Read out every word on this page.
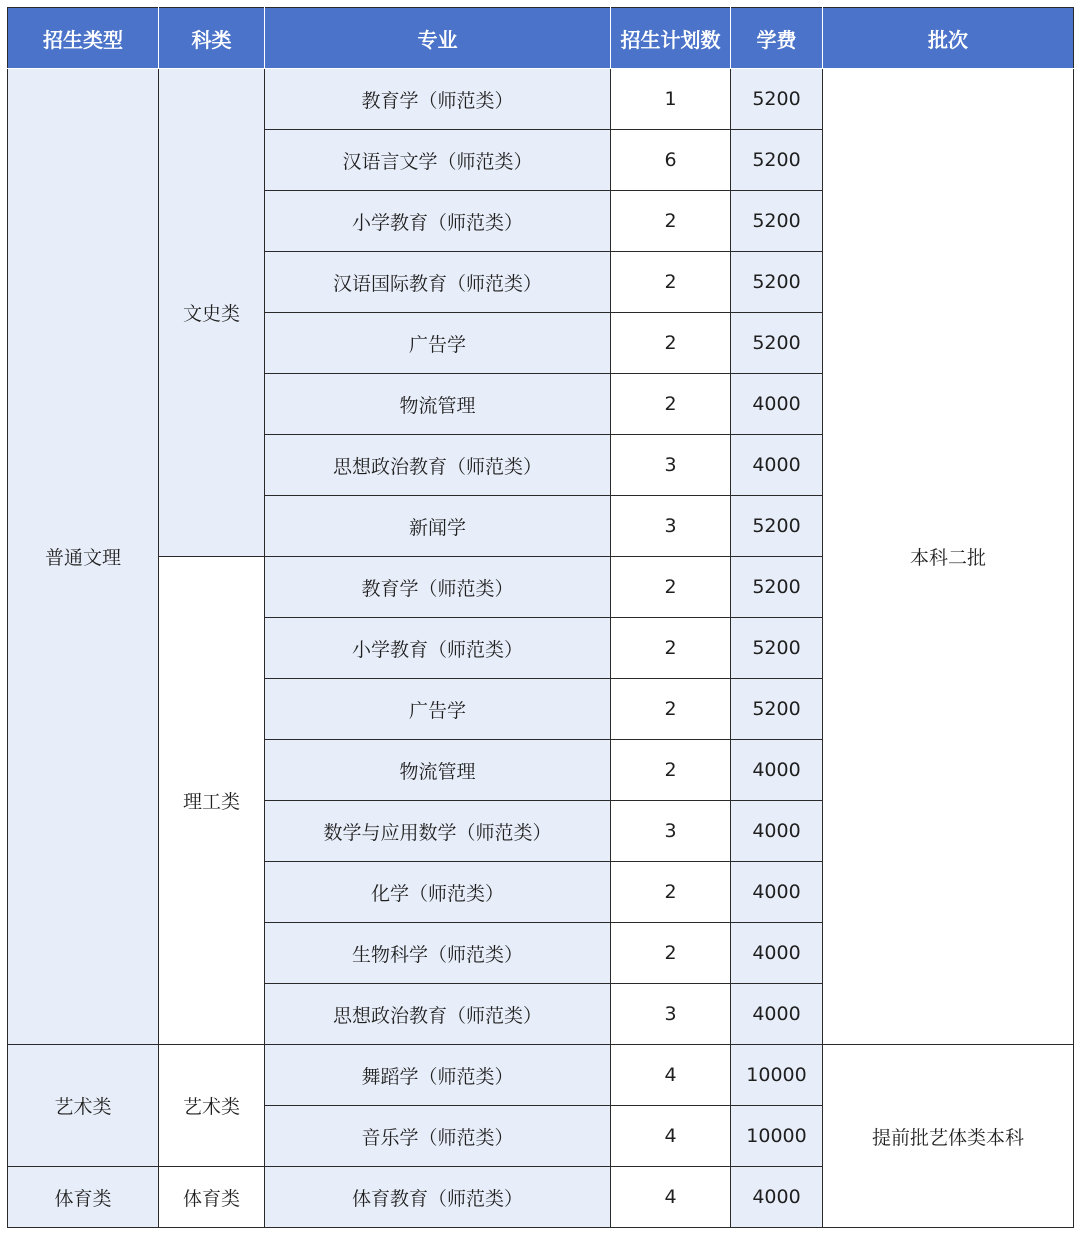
招生类型	科类	专业	招生计划数	学费	批次
普通文理	文史类	教育学（师范类）	1	5200	本科二批
		汉语言文学（师范类）	6	5200	
		小学教育（师范类）	2	5200	
		汉语国际教育（师范类）	2	5200	
		广告学	2	5200	
		物流管理	2	4000	
		思想政治教育（师范类）	3	4000	
		新闻学	3	5200	
	理工类	教育学（师范类）	2	5200	
		小学教育（师范类）	2	5200	
		广告学	2	5200	
		物流管理	2	4000	
		数学与应用数学（师范类）	3	4000	
		化学（师范类）	2	4000	
		生物科学（师范类）	2	4000	
		思想政治教育（师范类）	3	4000	
艺术类	艺术类	舞蹈学（师范类）	4	10000	提前批艺体类本科
		音乐学（师范类）	4	10000	
体育类	体育类	体育教育（师范类）	4	4000	
